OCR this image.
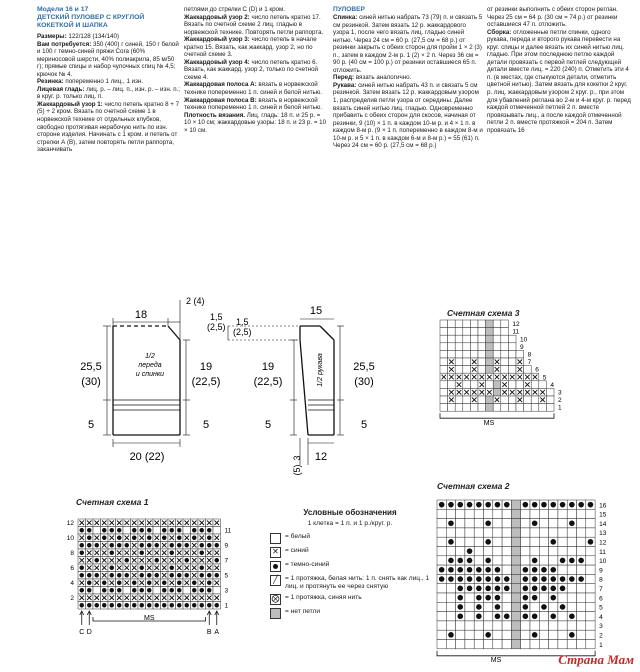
Модели 16 и 17

ДЕТСКИЙ ПУЛОВЕР С КРУГЛОЙ КОКЕТКОЙ И ШАПКА

Размеры: 122/128 (134/140)

Вам потребуется: 350 (400) г синей, 150 г белой и 100 г темно-синей пряжи Cora (60% мериносовой шерсти, 40% полиакрила, 85 м/50 г); прямые спицы и набор чулочных спиц № 4,5; крючок № 4.

Резинка: попеременно 1 лиц., 1 изн.

Лицевая гладь: лиц. р. – лиц. п., изн. р. – изн. п.; в круг. р. только лиц. п.

Жаккардовый узор 1: число петель кратно 8 + 7 (5) + 2 кром. Вязать по счетной схеме 1 в норвежской технике от отдельных клубков, свободно протягивая нерабочую нить по изн. стороне изделия. Начинать с 1 кром. и петель от стрелки А (В), затем повторять петли раппорта, заканчивать

петлями до стрелки С (D) и 1 кром.

Жаккардовый узор 2: число петель кратно 17. Вязать по счетной схеме 2 лиц. гладью в норвежской технике. Повторять петли раппорта.

Жаккардовый узор 3: число петель в начале кратно 15. Вязать, как жаккард. узор 2, но по счетной схеме 3.

Жаккардовый узор 4: число петель кратно 6. Вязать, как жаккард. узор 2, только по счетной схеме 4.

Жаккардовая полоса А: вязать в норвежской технике попеременно 1 п. синей и белой нитью.

Жаккардовая полоса В: вязать в норвежской технике попеременно 1 п. синей и белой нитью.

Плотность вязания. Лиц. гладь: 18 п. и 25 р. = 10 × 10 см; жаккардовые узоры: 18 п. и 23 р. = 10 × 10 см.

ПУЛОВЕР

Спинка: синей нитью набрать 73 (79) п. и связать 5 см резинкой. Затем вязать 12 р. жаккардового узора 1, после чего вязать лиц. гладью синей нитью. Через 24 см = 60 р. (27,5 см = 68 р.) от резинки закрыть с обеих сторон для пройм 1 × 2 (3) п., затем в каждом 2-м р. 1 (2) × 2 п. Через 36 см = 90 р. (40 см = 100 р.) от резинки оставшиеся 65 п. отложить.

Перед: вязать аналогично.

Рукава: синей нитью набрать 43 п. и связать 5 см резинкой. Затем вязать 12 р. жаккардовым узором 1, распределив петли узора от середины. Далее вязать синей нитью лиц. гладью. Одновременно прибавить с обеих сторон для скосов, начиная от резинки, 9 (10) × 1 п. в каждом 10-м р. и 4 × 1 п. в каждом 8-м р. (9 × 1 п. попеременно в каждом 8-м и 10-м р. и 5 × 1 п. в каждом 6-м и 8-м р.) = 55 (61) п. Через 24 см = 60 р. (27,5 см = 68 р.)

от резинки выполнить с обеих сторон реглан. Через 25 см = 64 р. (30 см = 74 р.) от резинки оставшиеся 47 п. отложить.

Сборка: отложенные петли спинки, одного рукава, переда и второго рукава перевести на круг. спицы и далее вязать их синей нитью лиц. гладью. При этом последнюю петлю каждой детали провязать с первой петлей следующей детали вместе лиц. = 220 (240) п. Отметить эти 4 п. (в местах, где стыкуются детали, отметить цветной нитью). Затем вязать для кокетки 2 круг. р. лиц. жаккардовым узором 2 круг. р., при этом для убавлений реглана во 2-м и 4-м круг. р. перед каждой отмеченной петлей 2 п. вместе провязывать лиц., а после каждой отмеченной петли 2 п. вместе протяжкой = 204 п. Затем провязать 16

18
2 (4)
25,5
(30)
5
20 (22)
19
(22,5)
5
1/2
переда
и спинки
15
1,5
(2,5) 1,5
(2,5)
19
(22,5)
5
25,5
(30)
5
12
3
(5)
1/2 рукава
12
11
10
9
8
7
6
5
4
3
2
1
C D	B A
MS
16
15
14
13
12
11
10
9
8
7
6
5
4
3
2
1
MS
12
11
10
9
8
7
6
5
4
3
2
1
MS
Счетная схема 1
Счетная схема 2
Счетная схема 3
Условные обозначения
1 клетка = 1 п. и 1 р./круг. р.
= белый
✕ = синий
= темно-синий
╱	= 1 протяжка, белая нить: 1 п. снять как лиц., 1 лиц. и протянуть ее через снятую
⨂ = 1 протяжка, синяя нить
= нет петли
Страна Мам
